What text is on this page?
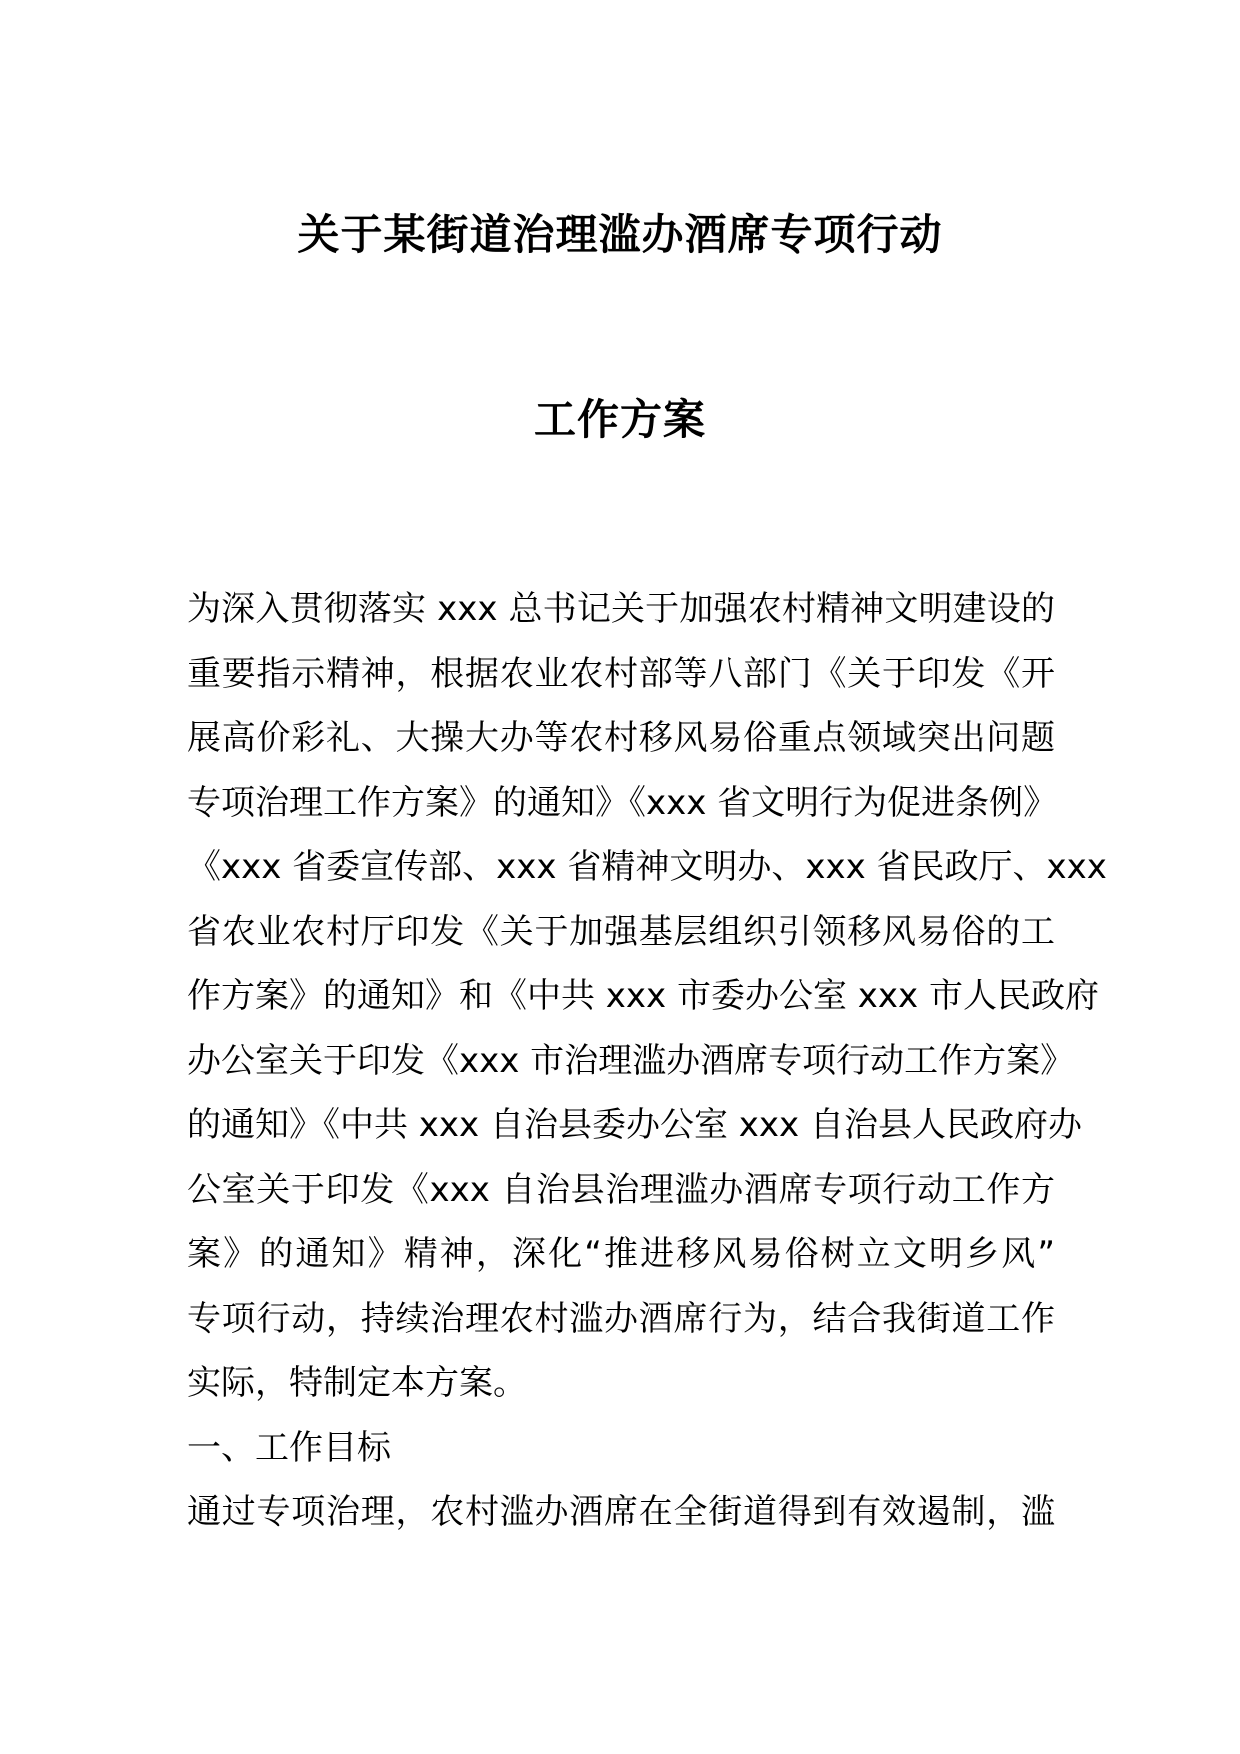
关于某街道治理滥办酒席专项行动
工作方案
为深入贯彻落实 xxx 总书记关于加强农村精神文明建设的
重要指示精神，根据农业农村部等八部门《关于印发《开
展高价彩礼、大操大办等农村移风易俗重点领域突出问题
专项治理工作方案》的通知》《xxx 省文明行为促进条例》
《xxx 省委宣传部、xxx 省精神文明办、xxx 省民政厅、xxx
省农业农村厅印发《关于加强基层组织引领移风易俗的工
作方案》的通知》和《中共 xxx 市委办公室 xxx 市人民政府
办公室关于印发《xxx 市治理滥办酒席专项行动工作方案》
的通知》《中共 xxx 自治县委办公室 xxx 自治县人民政府办
公室关于印发《xxx 自治县治理滥办酒席专项行动工作方
案》的通知》精神，深化“推进移风易俗树立文明乡风”
专项行动，持续治理农村滥办酒席行为，结合我街道工作
实际，特制定本方案。
一、工作目标
通过专项治理，农村滥办酒席在全街道得到有效遏制，滥
